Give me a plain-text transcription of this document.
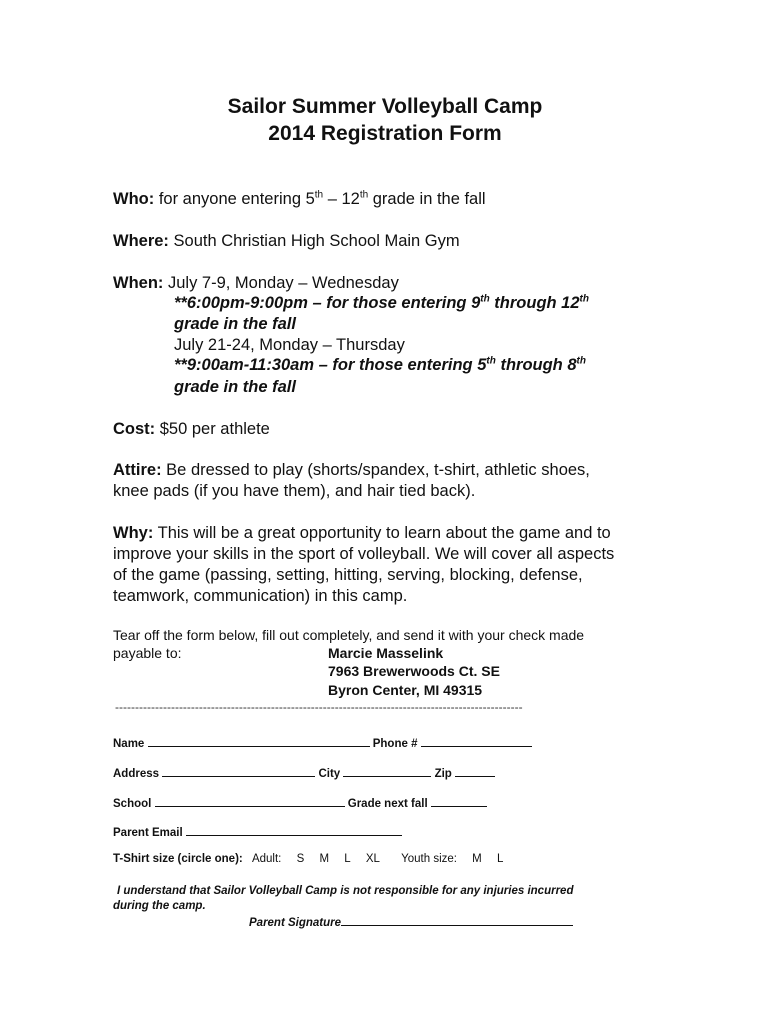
Sailor Summer Volleyball Camp
2014 Registration Form
Who: for anyone entering 5th – 12th grade in the fall
Where: South Christian High School Main Gym
When: July 7-9, Monday – Wednesday
**6:00pm-9:00pm – for those entering 9th through 12th
grade in the fall
July 21-24, Monday – Thursday
**9:00am-11:30am – for those entering 5th through 8th
grade in the fall
Cost: $50 per athlete
Attire: Be dressed to play (shorts/spandex, t-shirt, athletic shoes,
knee pads (if you have them), and hair tied back).
Why: This will be a great opportunity to learn about the game and to
improve your skills in the sport of volleyball. We will cover all aspects
of the game (passing, setting, hitting, serving, blocking, defense,
teamwork, communication) in this camp.
Tear off the form below, fill out completely, and send it with your check made
payable to:	Marcie Masselink
7963 Brewerwoods Ct. SE
Byron Center, MI 49315
------------------------------------------------------------------------------------------------------
Name	Phone #
Address	City	Zip
School	Grade next fall
Parent Email
T-Shirt size (circle one): Adult: S M L XL Youth size: M L
I understand that Sailor Volleyball Camp is not responsible for any injuries incurred
during the camp.
Parent Signature
